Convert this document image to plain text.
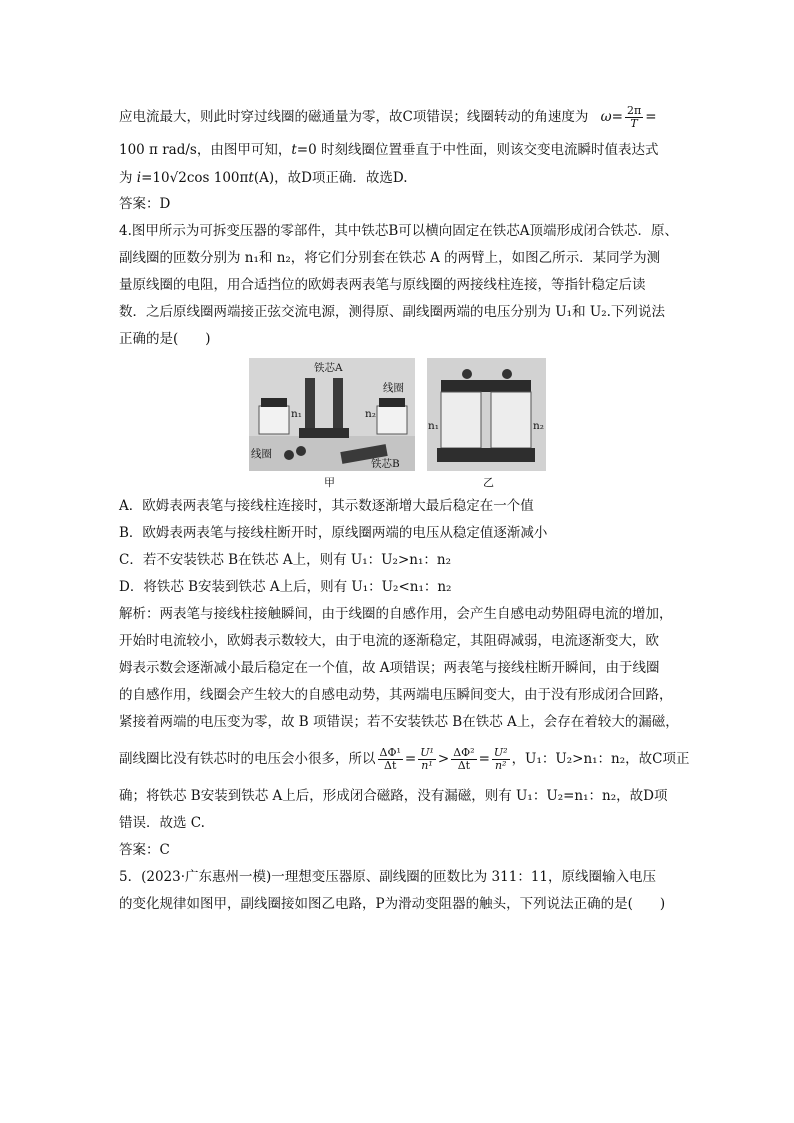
应电流最大，则此时穿过线圈的磁通量为零，故C项错误；线圈转动的角速度为 $\omega= \frac{2\pi}{T}$ =
100 π rad/s，由图甲可知，t=0 时刻线圈位置垂直于中性面，则该交变电流瞬时值表达式
为 i=10√2cos 100πt(A)，故D项正确．故选D.
答案：D
4.图甲所示为可拆变压器的零部件，其中铁芯B可以横向固定在铁芯A顶端形成闭合铁芯．原、
副线圈的匝数分别为 n₁和 n₂，将它们分别套在铁芯 A 的两臂上，如图乙所示．某同学为测
量原线圈的电阻，用合适挡位的欧姆表两表笔与原线圈的两接线柱连接，等指针稳定后读
数．之后原线圈两端接正弦交流电源，测得原、副线圈两端的电压分别为 U₁和 U₂.下列说法
正确的是(　　)
铁芯A
线圈
n₁	n₂
线圈
铁芯B
甲
n₁	n₂
乙
A．欧姆表两表笔与接线柱连接时，其示数逐渐增大最后稳定在一个值
B．欧姆表两表笔与接线柱断开时，原线圈两端的电压从稳定值逐渐减小
C．若不安装铁芯 B在铁芯 A上，则有 U₁：U₂>n₁：n₂
D．将铁芯 B安装到铁芯 A上后，则有 U₁：U₂<n₁：n₂
解析：两表笔与接线柱接触瞬间，由于线圈的自感作用，会产生自感电动势阻碍电流的增加，
开始时电流较小，欧姆表示数较大，由于电流的逐渐稳定，其阻碍减弱，电流逐渐变大，欧
姆表示数会逐渐减小最后稳定在一个值，故 A项错误；两表笔与接线柱断开瞬间，由于线圈
的自感作用，线圈会产生较大的自感电动势，其两端电压瞬间变大，由于没有形成闭合回路，
紧接着两端的电压变为零，故 B 项错误；若不安装铁芯 B在铁芯 A上，会存在着较大的漏磁，
副线圈比没有铁芯时的电压会小很多，所以 $\frac{\text{ΔΦ¹}}{\Delta t} = \frac{\text{U¹}}{\text{n¹}} > \frac{\text{ΔΦ²}}{\Delta t} = \frac{\text{U²}}{\text{n²}}$ ，U₁：U₂>n₁：n₂，故C项正
确；将铁芯 B安装到铁芯 A上后，形成闭合磁路，没有漏磁，则有 U₁：U₂=n₁：n₂，故D项
错误．故选 C.
答案：C
5．(2023·广东惠州一模)一理想变压器原、副线圈的匝数比为 311：11，原线圈输入电压
的变化规律如图甲，副线圈接如图乙电路，P为滑动变阻器的触头，下列说法正确的是(　　)
